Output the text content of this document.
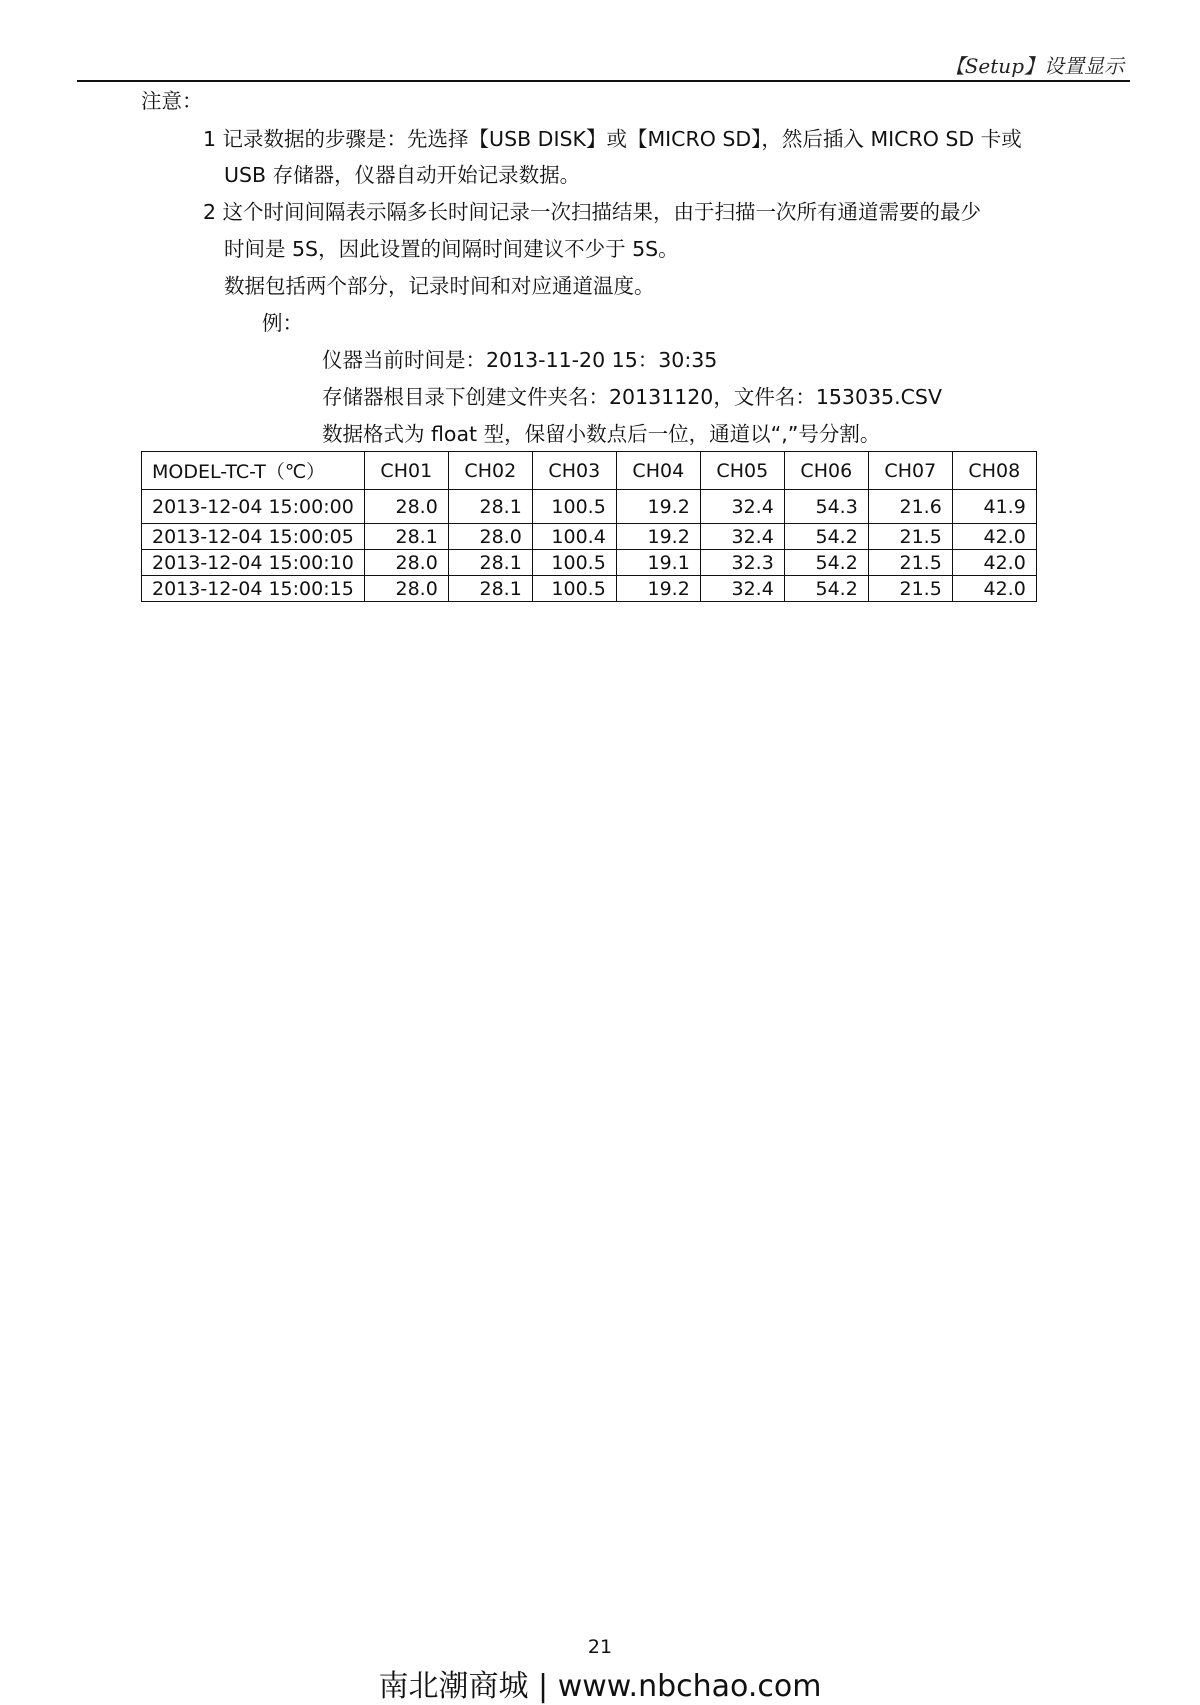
【Setup】设置显示
注意：
1 记录数据的步骤是：先选择【USB DISK】或【MICRO SD】，然后插入 MICRO SD 卡或
USB 存储器，仪器自动开始记录数据。
2 这个时间间隔表示隔多长时间记录一次扫描结果，由于扫描一次所有通道需要的最少
时间是 5S，因此设置的间隔时间建议不少于 5S。
数据包括两个部分，记录时间和对应通道温度。
例：
仪器当前时间是：2013-11-20 15：30:35
存储器根目录下创建文件夹名：20131120，文件名：153035.CSV
数据格式为 float 型，保留小数点后一位，通道以“,”号分割。
MODEL-TC-T（℃）	CH01	CH02	CH03	CH04	CH05	CH06	CH07	CH08
2013-12-04 15:00:00	28.0	28.1	100.5	19.2	32.4	54.3	21.6	41.9
2013-12-04 15:00:05	28.1	28.0	100.4	19.2	32.4	54.2	21.5	42.0
2013-12-04 15:00:10	28.0	28.1	100.5	19.1	32.3	54.2	21.5	42.0
2013-12-04 15:00:15	28.0	28.1	100.5	19.2	32.4	54.2	21.5	42.0
21
南北潮商城 | www.nbchao.com
